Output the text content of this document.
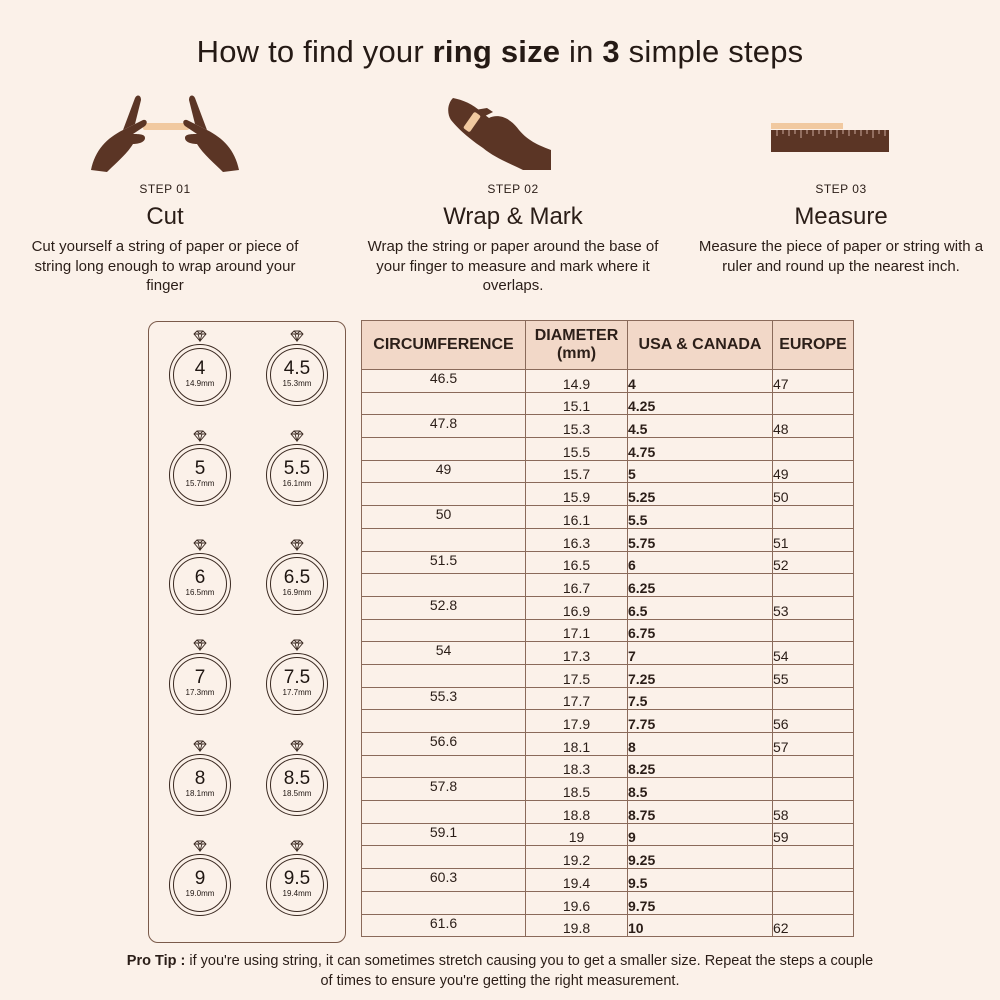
How to find your ring size in 3 simple steps
STEP 01
Cut
Cut yourself a string of paper or piece of string long enough to wrap around your finger
STEP 02
Wrap & Mark
Wrap the string or paper around the base of your finger to measure and mark where it overlaps.
STEP 03
Measure
Measure the piece of paper or string with a ruler and round up the nearest inch.
4
14.9mm
4.5
15.3mm
5
15.7mm
5.5
16.1mm
6
16.5mm
6.5
16.9mm
7
17.3mm
7.5
17.7mm
8
18.1mm
8.5
18.5mm
9
19.0mm
9.5
19.4mm
CIRCUMFERENCE	DIAMETER (mm)	USA & CANADA	EUROPE
46.5	14.9	4	47
	15.1	4.25	
47.8	15.3	4.5	48
	15.5	4.75	
49	15.7	5	49
	15.9	5.25	50
50	16.1	5.5	
	16.3	5.75	51
51.5	16.5	6	52
	16.7	6.25	
52.8	16.9	6.5	53
	17.1	6.75	
54	17.3	7	54
	17.5	7.25	55
55.3	17.7	7.5	
	17.9	7.75	56
56.6	18.1	8	57
	18.3	8.25	
57.8	18.5	8.5	
	18.8	8.75	58
59.1	19	9	59
	19.2	9.25	
60.3	19.4	9.5	
	19.6	9.75	
61.6	19.8	10	62
Pro Tip : if you're using string, it can sometimes stretch causing you to get a smaller size. Repeat the steps a couple of times to ensure you're getting the right measurement.
